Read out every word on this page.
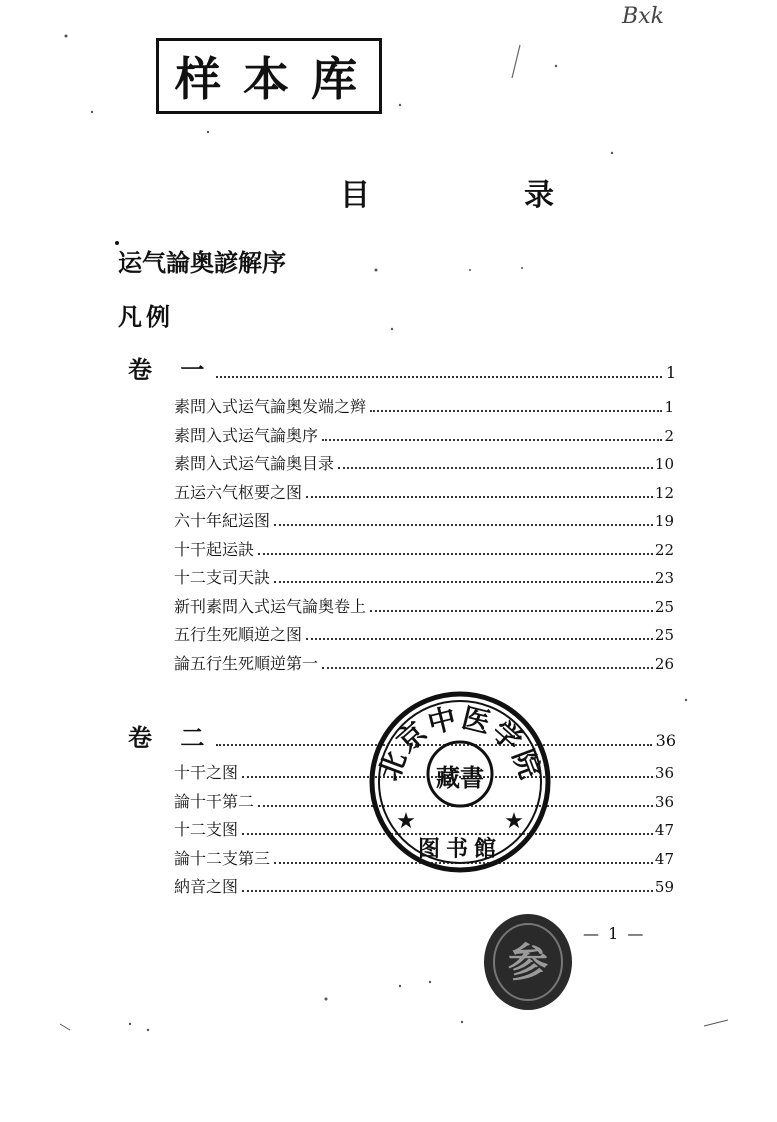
样本库
Bxk
目　录
运气論奥諺解序
凡例
卷 一	1
素問入式运气論奥发端之辫	1
素問入式运气論奥序	2
素問入式运气論奥目录	10
五运六气枢要之图	12
六十年紀运图	19
十干起运訣	22
十二支司天訣	23
新刊素問入式运气論奥卷上	25
五行生死順逆之图	25
論五行生死順逆第一	26
卷 二	36
十干之图	36
論十干第二	36
十二支图	47
論十二支第三	47
納音之图	59
北京中医学院
藏書
★	★
图书館
— 1 —
参
